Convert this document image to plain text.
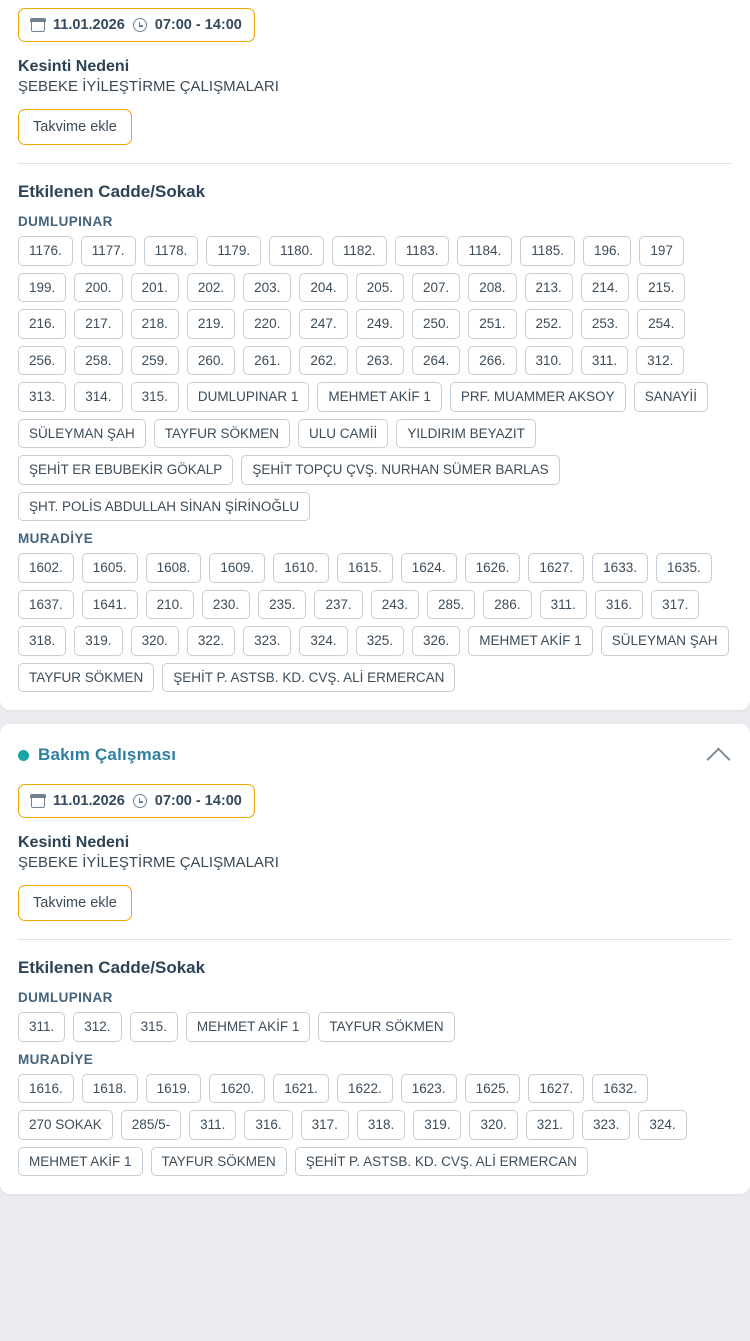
11.01.2026 07:00 - 14:00
Kesinti Nedeni
ŞEBEKE İYİLEŞTİRME ÇALIŞMALARI
Takvime ekle
Etkilenen Cadde/Sokak
DUMLUPINAR
1176.	1177.	1178.	1179.	1180.	1182.	1183.	1184.	1185.	196.	197
199.	200.	201.	202.	203.	204.	205.	207.	208.	213.	214.	215.
216.	217.	218.	219.	220.	247.	249.	250.	251.	252.	253.	254.
256.	258.	259.	260.	261.	262.	263.	264.	266.	310.	311.	312.
313.	314.	315.	DUMLUPINAR 1	MEHMET AKİF 1	PRF. MUAMMER AKSOY	SANAYİİ
SÜLEYMAN ŞAH	TAYFUR SÖKMEN	ULU CAMİİ	YILDIRIM BEYAZIT
ŞEHİT ER EBUBEKİR GÖKALP	ŞEHİT TOPÇU ÇVŞ. NURHAN SÜMER BARLAS
ŞHT. POLİS ABDULLAH SİNAN ŞİRİNOĞLU
MURADİYE
1602.	1605.	1608.	1609.	1610.	1615.	1624.	1626.	1627.	1633.	1635.
1637.	1641.	210.	230.	235.	237.	243.	285.	286.	311.	316.	317.
318.	319.	320.	322.	323.	324.	325.	326.	MEHMET AKİF 1	SÜLEYMAN ŞAH
TAYFUR SÖKMEN	ŞEHİT P. ASTSB. KD. CVŞ. ALİ ERMERCAN
Bakım Çalışması
11.01.2026 07:00 - 14:00
Kesinti Nedeni
ŞEBEKE İYİLEŞTİRME ÇALIŞMALARI
Takvime ekle
Etkilenen Cadde/Sokak
DUMLUPINAR
311.	312.	315.	MEHMET AKİF 1	TAYFUR SÖKMEN
MURADİYE
1616.	1618.	1619.	1620.	1621.	1622.	1623.	1625.	1627.	1632.
270 SOKAK	285/5-	311.	316.	317.	318.	319.	320.	321.	323.	324.
MEHMET AKİF 1	TAYFUR SÖKMEN	ŞEHİT P. ASTSB. KD. CVŞ. ALİ ERMERCAN
